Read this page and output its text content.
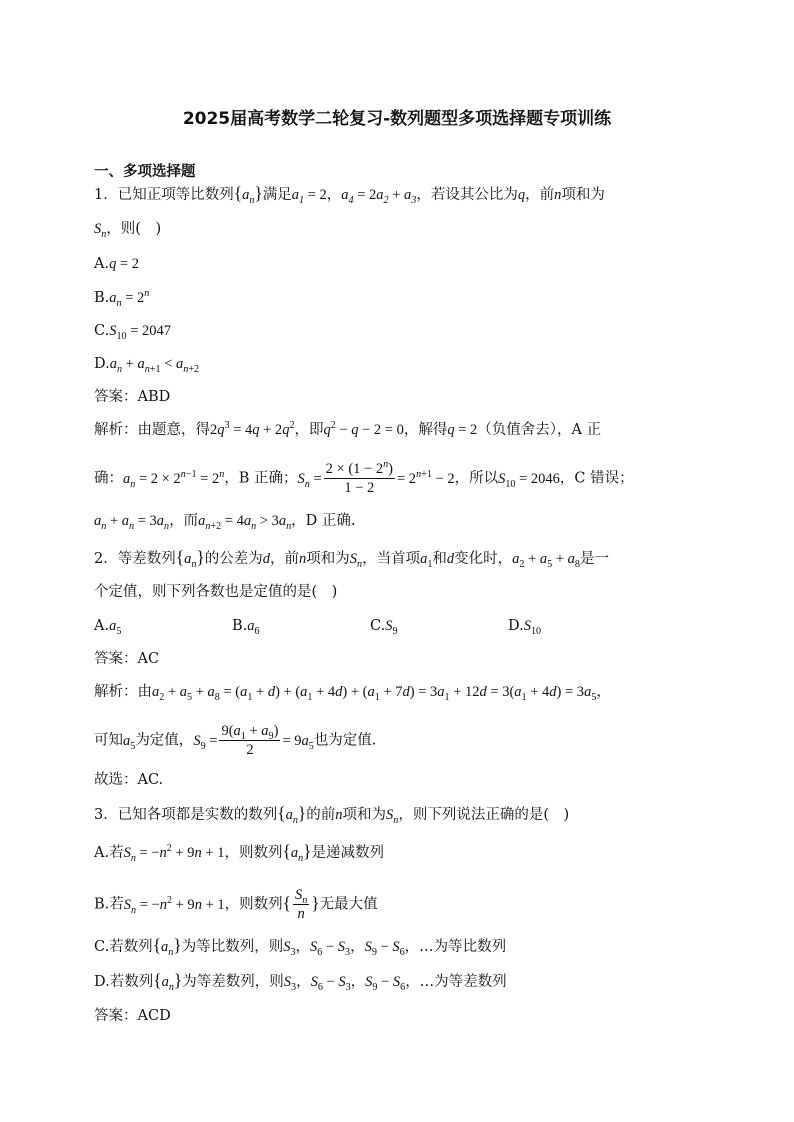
2025届高考数学二轮复习-数列题型多项选择题专项训练
一、多项选择题
1．已知正项等比数列$\{a_n\}$满足$a_1 = 2$，$a_4 = 2a_2 + a_3$，若设其公比为q，前n项和为
$S_n$，则(　)
A.q = 2
$B.a_n = 2^n$
$C.S_{10} = 2047$
$D.a_n + a_{n+1} < a_{n+2}$
答案：ABD
解析：由题意，得$2q^3 = 4q + 2q^2$，即$q^2 - q - 2 = 0$，解得q = 2（负值舍去），A 正
确：$a_n = 2 \times 2^{n-1} = 2^n$，B 正确；$S_n = \frac{2 \times (1 - 2^n)}{1 - 2} = 2^{n+1} - 2$，所以$S_{10} = 2046$，C 错误；
$a_n + a_n = 3a_n$，而$a_{n+2} = 4a_n > 3a_n$，D 正确.
2．等差数列$\{a_n\}$的公差为d，前n项和为$S_n$，当首项$a_1$和d变化时，$a_2 + a_5 + a_8$是一
个定值，则下列各数也是定值的是(　)
$A.a_5$	$B.a_6$	$C.S_9$	$D.S_{10}$
答案：AC
解析：由$a_2 + a_5 + a_8 = (a_1 + d) + (a_1 + 4d) + (a_1 + 7d) = 3a_1 + 12d = 3(a_1 + 4d) = 3a_5$，
可知$a_5$为定值，$S_9 = \frac{9(a_1 + a_9)}{2} = 9a_5$也为定值.
故选：AC.
3．已知各项都是实数的数列$\{a_n\}$的前n项和为$S_n$，则下列说法正确的是(　)
A.若$S_n = -n^2 + 9n + 1$，则数列$\{a_n\}$是递减数列
B.若$S_n = -n^2 + 9n + 1$，则数列{ $\frac{S_n}{n}$ }无最大值
C.若数列$\{a_n\}$为等比数列，则$S_3$，$S_6 - S_3$，$S_9 - S_6$，…为等比数列
D.若数列$\{a_n\}$为等差数列，则$S_3$，$S_6 - S_3$，$S_9 - S_6$，…为等差数列
答案：ACD
